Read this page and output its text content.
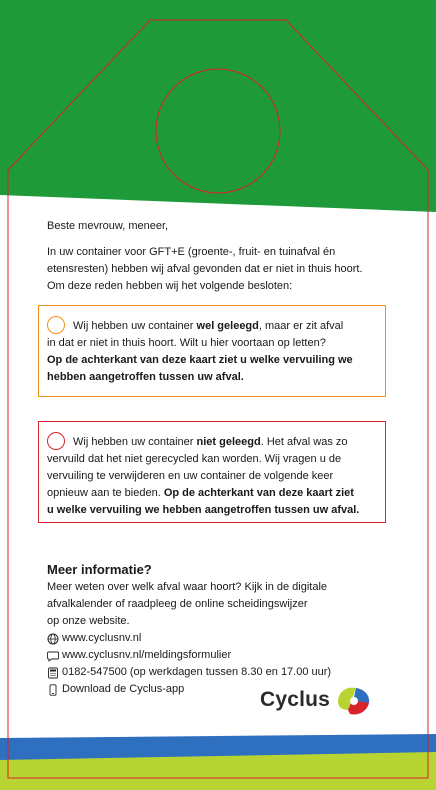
Beste mevrouw, meneer,

In uw container voor GFT+E (groente-, fruit- en tuinafval én

etensresten) hebben wij afval gevonden dat er niet in thuis hoort.

Om deze reden hebben wij het volgende besloten:

Wij hebben uw container wel geleegd, maar er zit afval
in dat er niet in thuis hoort. Wilt u hier voortaan op letten?
Op de achterkant van deze kaart ziet u welke vervuiling we
hebben aangetroffen tussen uw afval.
Wij hebben uw container niet geleegd. Het afval was zo
vervuild dat het niet gerecycled kan worden. Wij vragen u de
vervuiling te verwijderen en uw container de volgende keer
opnieuw aan te bieden. Op de achterkant van deze kaart ziet
u welke vervuiling we hebben aangetroffen tussen uw afval.
Meer informatie?

Meer weten over welk afval waar hoort? Kijk in de digitale

afvalkalender of raadpleeg de online scheidingswijzer

op onze website.

www.cyclusnv.nl
www.cyclusnv.nl/meldingsformulier
0182-547500 (op werkdagen tussen 8.30 en 17.00 uur)
Download de Cyclus-app	Cyclus
